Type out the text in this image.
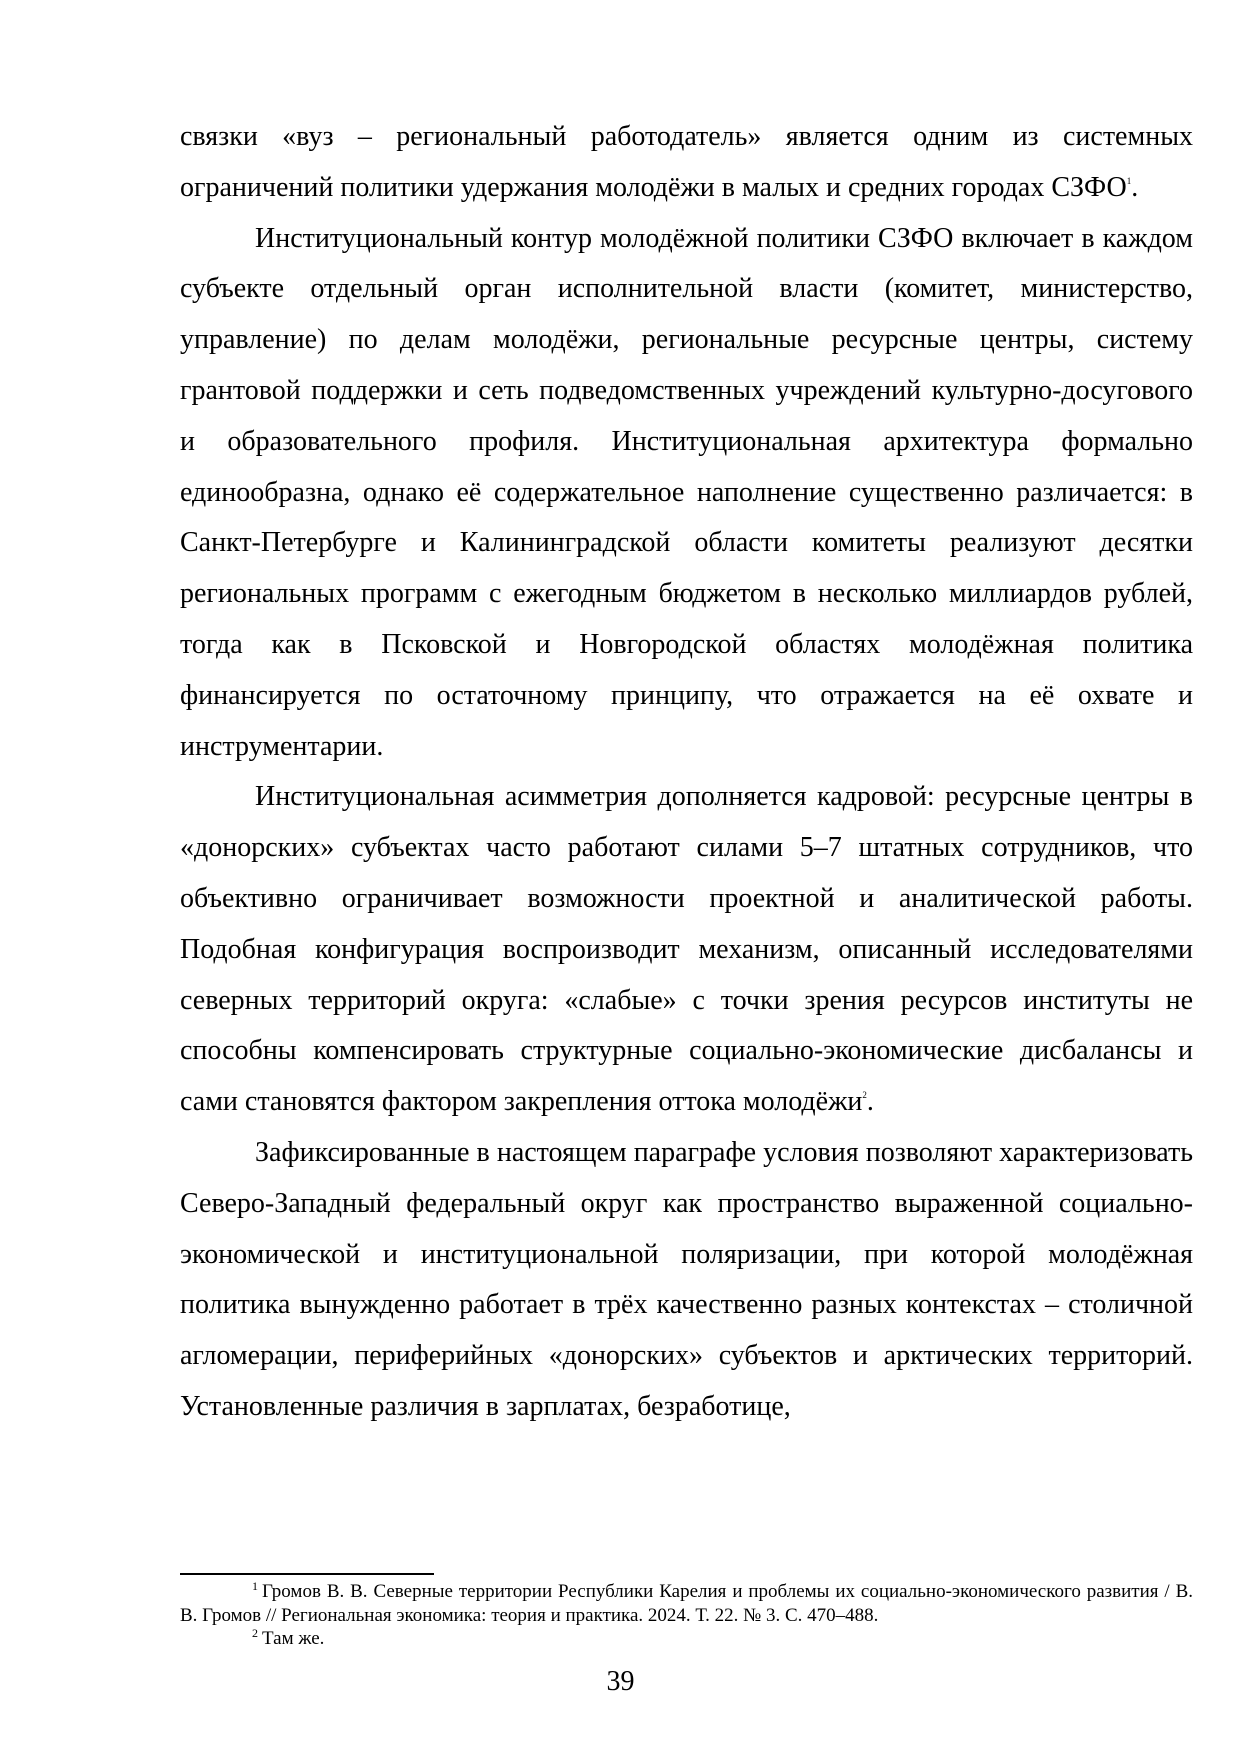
связки «вуз – региональный работодатель» является одним из системных ограничений политики удержания молодёжи в малых и средних городах СЗФО$^1$.

Институциональный контур молодёжной политики СЗФО включает в каждом субъекте отдельный орган исполнительной власти (комитет, министерство, управление) по делам молодёжи, региональные ресурсные центры, систему грантовой поддержки и сеть подведомственных учреждений культурно-досугового и образовательного профиля. Институциональная архитектура формально единообразна, однако её содержательное наполнение существенно различается: в Санкт-Петербурге и Калининградской области комитеты реализуют десятки региональных программ с ежегодным бюджетом в несколько миллиардов рублей, тогда как в Псковской и Новгородской областях молодёжная политика финансируется по остаточному принципу, что отражается на её охвате и инструментарии.

Институциональная асимметрия дополняется кадровой: ресурсные центры в «донорских» субъектах часто работают силами 5–7 штатных сотрудников, что объективно ограничивает возможности проектной и аналитической работы. Подобная конфигурация воспроизводит механизм, описанный исследователями северных территорий округа: «слабые» с точки зрения ресурсов институты не способны компенсировать структурные социально-экономические дисбалансы и сами становятся фактором закрепления оттока молодёжи$^2$.

Зафиксированные в настоящем параграфе условия позволяют характеризовать Северо-Западный федеральный округ как пространство выраженной социально-экономической и институциональной поляризации, при которой молодёжная политика вынужденно работает в трёх качественно разных контекстах – столичной агломерации, периферийных «донорских» субъектов и арктических территорий. Установленные различия в зарплатах, безработице,

$^1$ Громов В. В. Северные территории Республики Карелия и проблемы их социально-экономического развития / В. В. Громов // Региональная экономика: теория и практика. 2024. Т. 22. № 3. С. 470–488.

$^2$ Там же.

39
